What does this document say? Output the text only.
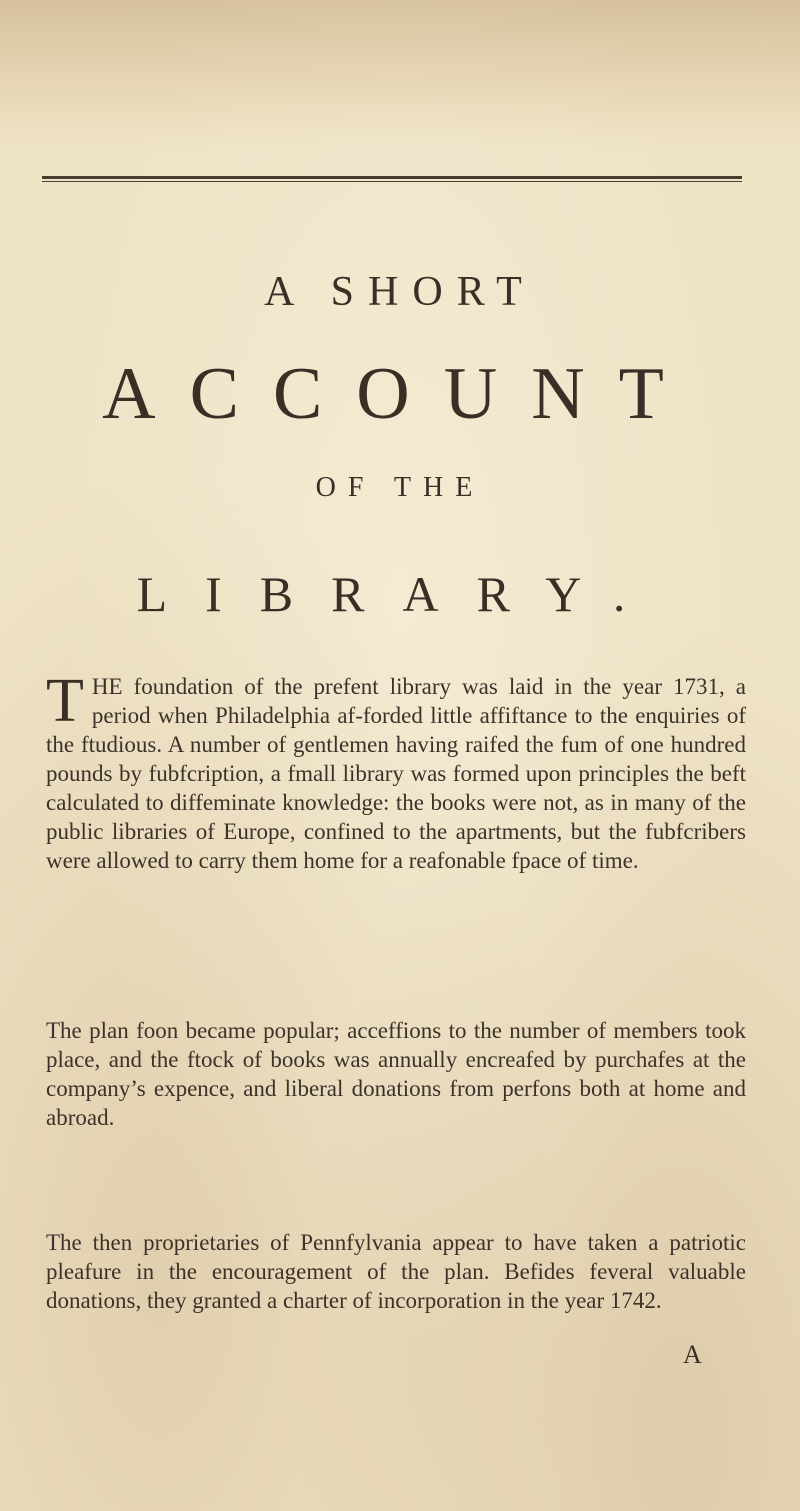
A SHORT
ACCOUNT
OF THE
LIBRARY.
T HE foundation of the prefent library was laid in the year 1731, a period when Philadelphia af-forded little affiftance to the enquiries of the ftudious. A number of gentlemen having raifed the fum of one hundred pounds by fubfcription, a fmall library was formed upon principles the beft calculated to diffeminate knowledge: the books were not, as in many of the public libraries of Europe, confined to the apartments, but the fubfcribers were allowed to carry them home for a reafonable fpace of time.
The plan foon became popular; acceffions to the number of members took place, and the ftock of books was annually encreafed by purchafes at the company’s expence, and liberal donations from perfons both at home and abroad.
The then proprietaries of Pennfylvania appear to have taken a patriotic pleafure in the encouragement of the plan. Befides feveral valuable donations, they granted a charter of incorporation in the year 1742.
A
